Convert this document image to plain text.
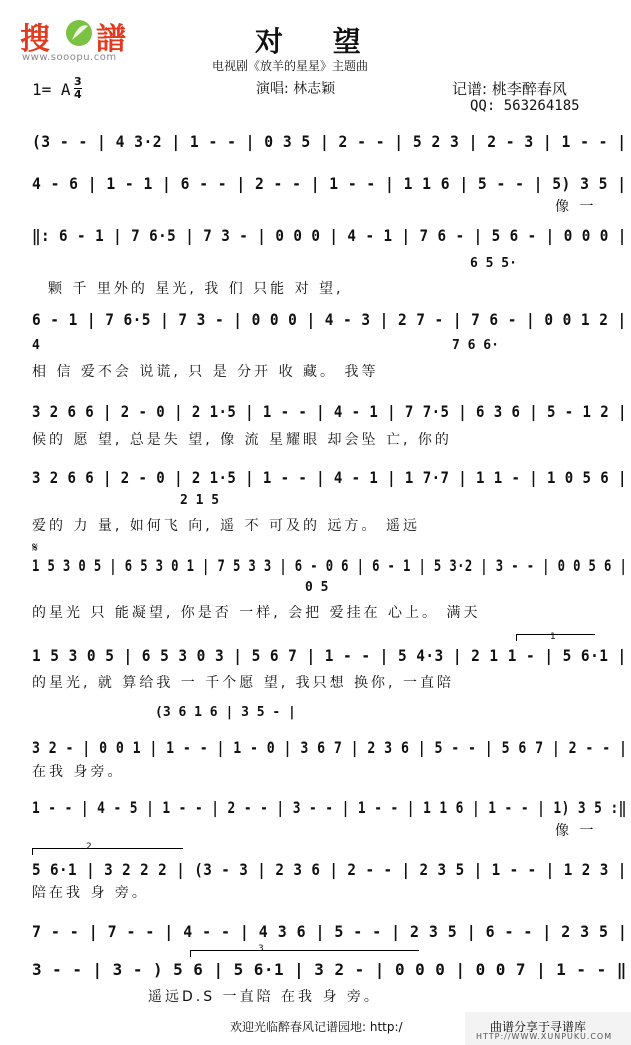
搜 譜
www.sooopu.com	对 望
电视剧《放羊的星星》主题曲
1= A 3
4	演唱: 林志颖	记谱: 桃李醉春风
QQ: 563264185
(3 - - | 4 3·2 | 1 - - | 0 3 5 | 2 - - | 5 2 3 | 2 - 3 | 1 - - |
4 - 6 | 1 - 1 | 6 - - | 2 - - | 1 - - | 1 1 6 | 5 - - | 5) 3 5 |
像 一
‖: 6 - 1 | 7 6·5 | 7 3 - | 0 0 0 | 4 - 1 | 7 6 - | 5 6 - | 0 0 0 |
6 5 5·
颗 千 里外的 星光, 我 们 只能 对 望,
6 - 1 | 7 6·5 | 7 3 - | 0 0 0 | 4 - 3 | 2 7 - | 7 6 - | 0 0 1 2 |
4	7 6 6·
相 信 爱不会 说谎, 只 是 分开 收 藏。 我等
3 2 6 6 | 2 - 0 | 2 1·5 | 1 - - | 4 - 1 | 7 7·5 | 6 3 6 | 5 - 1 2 |
候的 愿 望, 总是失 望, 像 流 星耀眼 却会坠 亡, 你的
3 2 6 6 | 2 - 0 | 2 1·5 | 1 - - | 4 - 1 | 1 7·7 | 1 1 - | 1 0 5 6 |
2 1 5
爱的 力 量, 如何飞 向, 遥 不 可及的 远方。 遥远
𝄋
1 5 3 0 5 | 6 5 3 0 1 | 7 5 3 3 | 6 - 0 6 | 6 - 1 | 5 3·2 | 3 - - | 0 0 5 6 |
0 5
的星光 只 能凝望, 你是否 一样, 会把 爱挂在 心上。 满天
1
1 5 3 0 5 | 6 5 3 0 3 | 5 6 7 | 1 - - | 5 4·3 | 2 1 1 - | 5 6·1 |
的星光, 就 算给我 一 千个愿 望, 我只想 换你, 一直陪
(3 6 1 6 | 3 5 - |
3 2 - | 0 0 1 | 1 - - | 1 - 0 | 3 6 7 | 2 3 6 | 5 - - | 5 6 7 | 2 - - |
在我 身旁。
1 - - | 4 - 5 | 1 - - | 2 - - | 3 - - | 1 - - | 1 1 6 | 1 - - | 1) 3 5 :‖
像 一
2
5 6·1 | 3 2 2 2 | (3 - 3 | 2 3 6 | 2 - - | 2 3 5 | 1 - - | 1 2 3 |
陪在我 身 旁。
7 - - | 7 - - | 4 - - | 4 3 6 | 5 - - | 2 3 5 | 6 - - | 2 3 5 |
3
3 - - | 3 - ) 5 6 | 5 6·1 | 3 2 - | 0 0 0 | 0 0 7 | 1 - - ‖
遥远D.S 一直陪 在我 身 旁。
欢迎光临醉春风记谱园地: http:/	曲谱分享于寻谱库
HTTP://WWW.XUNPUKU.COM
